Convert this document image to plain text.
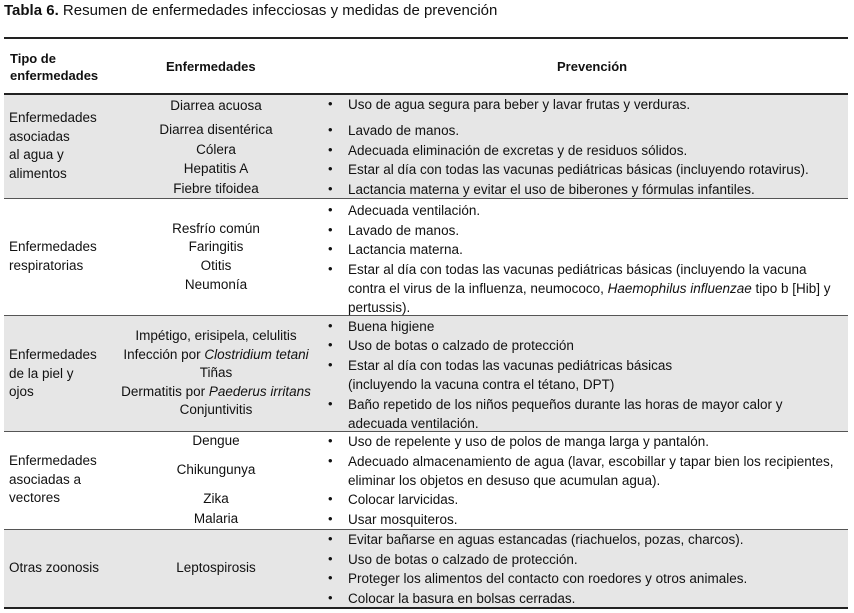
Tabla 6. Resumen de enfermedades infecciosas y medidas de prevención
Tipo de
enfermedades
Enfermedades	Prevención
Enfermedades
asociadas
al agua y
alimentos
Diarrea acuosa
Diarrea disentérica
Cólera
Hepatitis A
Fiebre tifoidea
• Uso de agua segura para beber y lavar frutas y verduras.
• Lavado de manos.
• Adecuada eliminación de excretas y de residuos sólidos.
• Estar al día con todas las vacunas pediátricas básicas (incluyendo rotavirus).
• Lactancia materna y evitar el uso de biberones y fórmulas infantiles.
Enfermedades
respiratorias
Resfrío común
Faringitis
Otitis
Neumonía
• Adecuada ventilación.
• Lavado de manos.
• Lactancia materna.
• Estar al día con todas las vacunas pediátricas básicas (incluyendo la vacuna contra el virus de la influenza, neumococo, Haemophilus influenzae tipo b [Hib] y pertussis).
Enfermedades
de la piel y
ojos
Impétigo, erisipela, celulitis
Infección por Clostridium tetani
Tiñas
Dermatitis por Paederus irritans
Conjuntivitis
• Buena higiene
• Uso de botas o calzado de protección
• Estar al día con todas las vacunas pediátricas básicas
(incluyendo la vacuna contra el tétano, DPT)
• Baño repetido de los niños pequeños durante las horas de mayor calor y adecuada ventilación.
Enfermedades
asociadas a
vectores
Dengue
Chikungunya
Zika
Malaria
• Uso de repelente y uso de polos de manga larga y pantalón.
• Adecuado almacenamiento de agua (lavar, escobillar y tapar bien los recipientes, eliminar los objetos en desuso que acumulan agua).
• Colocar larvicidas.
• Usar mosquiteros.
Otras zoonosis	Leptospirosis
• Evitar bañarse en aguas estancadas (riachuelos, pozas, charcos).
• Uso de botas o calzado de protección.
• Proteger los alimentos del contacto con roedores y otros animales.
• Colocar la basura en bolsas cerradas.
